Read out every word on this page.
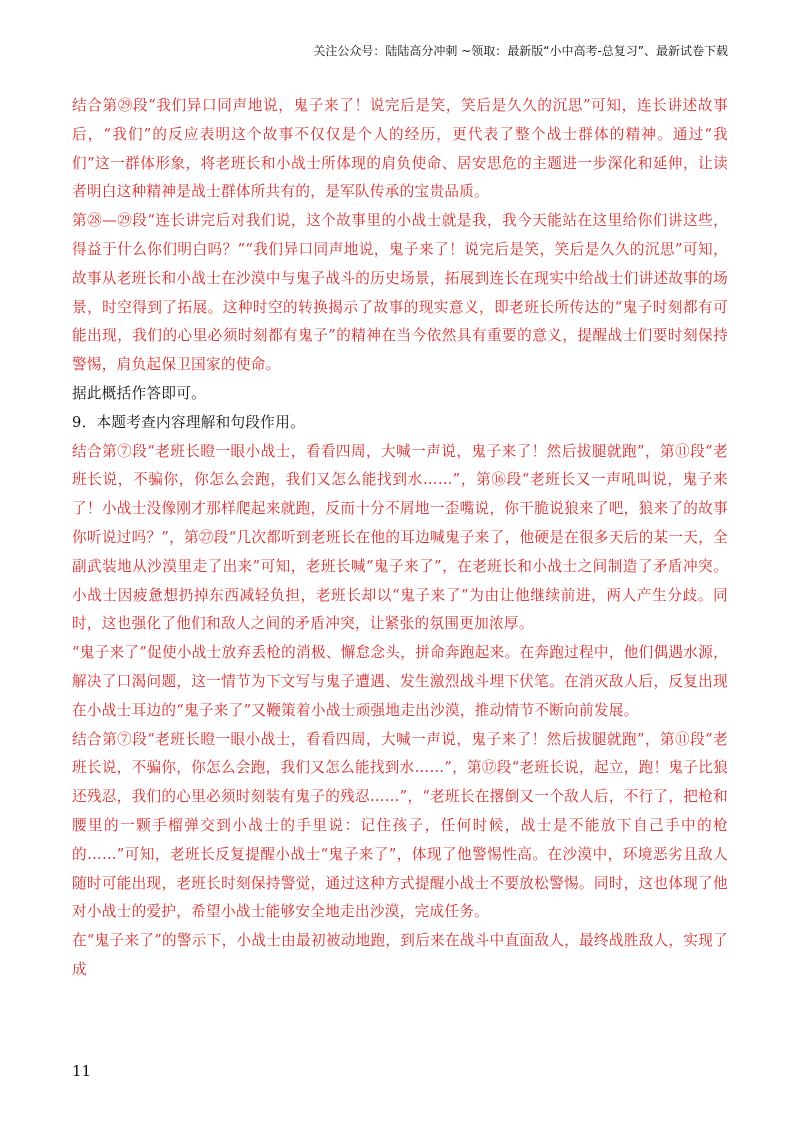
关注公众号：陆陆高分冲刺 ~领取：最新版“小中高考-总复习”、最新试卷下载

结合第㉙段“我们异口同声地说，鬼子来了！说完后是笑，笑后是久久的沉思”可知，连长讲述故事后，“我们”的反应表明这个故事不仅仅是个人的经历，更代表了整个战士群体的精神。通过“我们”这一群体形象，将老班长和小战士所体现的肩负使命、居安思危的主题进一步深化和延伸，让读者明白这种精神是战士群体所共有的，是军队传承的宝贵品质。

第㉘—㉙段“连长讲完后对我们说，这个故事里的小战士就是我，我今天能站在这里给你们讲这些，得益于什么你们明白吗？”“我们异口同声地说，鬼子来了！说完后是笑，笑后是久久的沉思”可知，故事从老班长和小战士在沙漠中与鬼子战斗的历史场景，拓展到连长在现实中给战士们讲述故事的场景，时空得到了拓展。这种时空的转换揭示了故事的现实意义，即老班长所传达的“鬼子时刻都有可能出现，我们的心里必须时刻都有鬼子”的精神在当今依然具有重要的意义，提醒战士们要时刻保持警惕，肩负起保卫国家的使命。

据此概括作答即可。

9．本题考查内容理解和句段作用。

结合第⑦段“老班长瞪一眼小战士，看看四周，大喊一声说，鬼子来了！然后拔腿就跑”，第⑪段“老班长说，不骗你，你怎么会跑，我们又怎么能找到水……”，第⑯段“老班长又一声吼叫说，鬼子来了！小战士没像刚才那样爬起来就跑，反而十分不屑地一歪嘴说，你干脆说狼来了吧，狼来了的故事你听说过吗？”，第㉗段“几次都听到老班长在他的耳边喊鬼子来了，他硬是在很多天后的某一天，全副武装地从沙漠里走了出来”可知，老班长喊“鬼子来了”，在老班长和小战士之间制造了矛盾冲突。小战士因疲惫想扔掉东西减轻负担，老班长却以“鬼子来了”为由让他继续前进，两人产生分歧。同时，这也强化了他们和敌人之间的矛盾冲突，让紧张的氛围更加浓厚。

“鬼子来了”促使小战士放弃丢枪的消极、懈怠念头，拼命奔跑起来。在奔跑过程中，他们偶遇水源，解决了口渴问题，这一情节为下文写与鬼子遭遇、发生激烈战斗埋下伏笔。在消灭敌人后，反复出现在小战士耳边的“鬼子来了”又鞭策着小战士顽强地走出沙漠，推动情节不断向前发展。

结合第⑦段“老班长瞪一眼小战士，看看四周，大喊一声说，鬼子来了！然后拔腿就跑”，第⑪段“老班长说，不骗你，你怎么会跑，我们又怎么能找到水……”，第⑰段“老班长说，起立，跑！鬼子比狼还残忍，我们的心里必须时刻装有鬼子的残忍……”，“老班长在撂倒又一个敌人后，不行了，把枪和腰里的一颗手榴弹交到小战士的手里说：记住孩子，任何时候，战士是不能放下自己手中的枪的……”可知，老班长反复提醒小战士“鬼子来了”，体现了他警惕性高。在沙漠中，环境恶劣且敌人随时可能出现，老班长时刻保持警觉，通过这种方式提醒小战士不要放松警惕。同时，这也体现了他对小战士的爱护，希望小战士能够安全地走出沙漠，完成任务。

在“鬼子来了”的警示下，小战士由最初被动地跑，到后来在战斗中直面敌人，最终战胜敌人，实现了成

11
